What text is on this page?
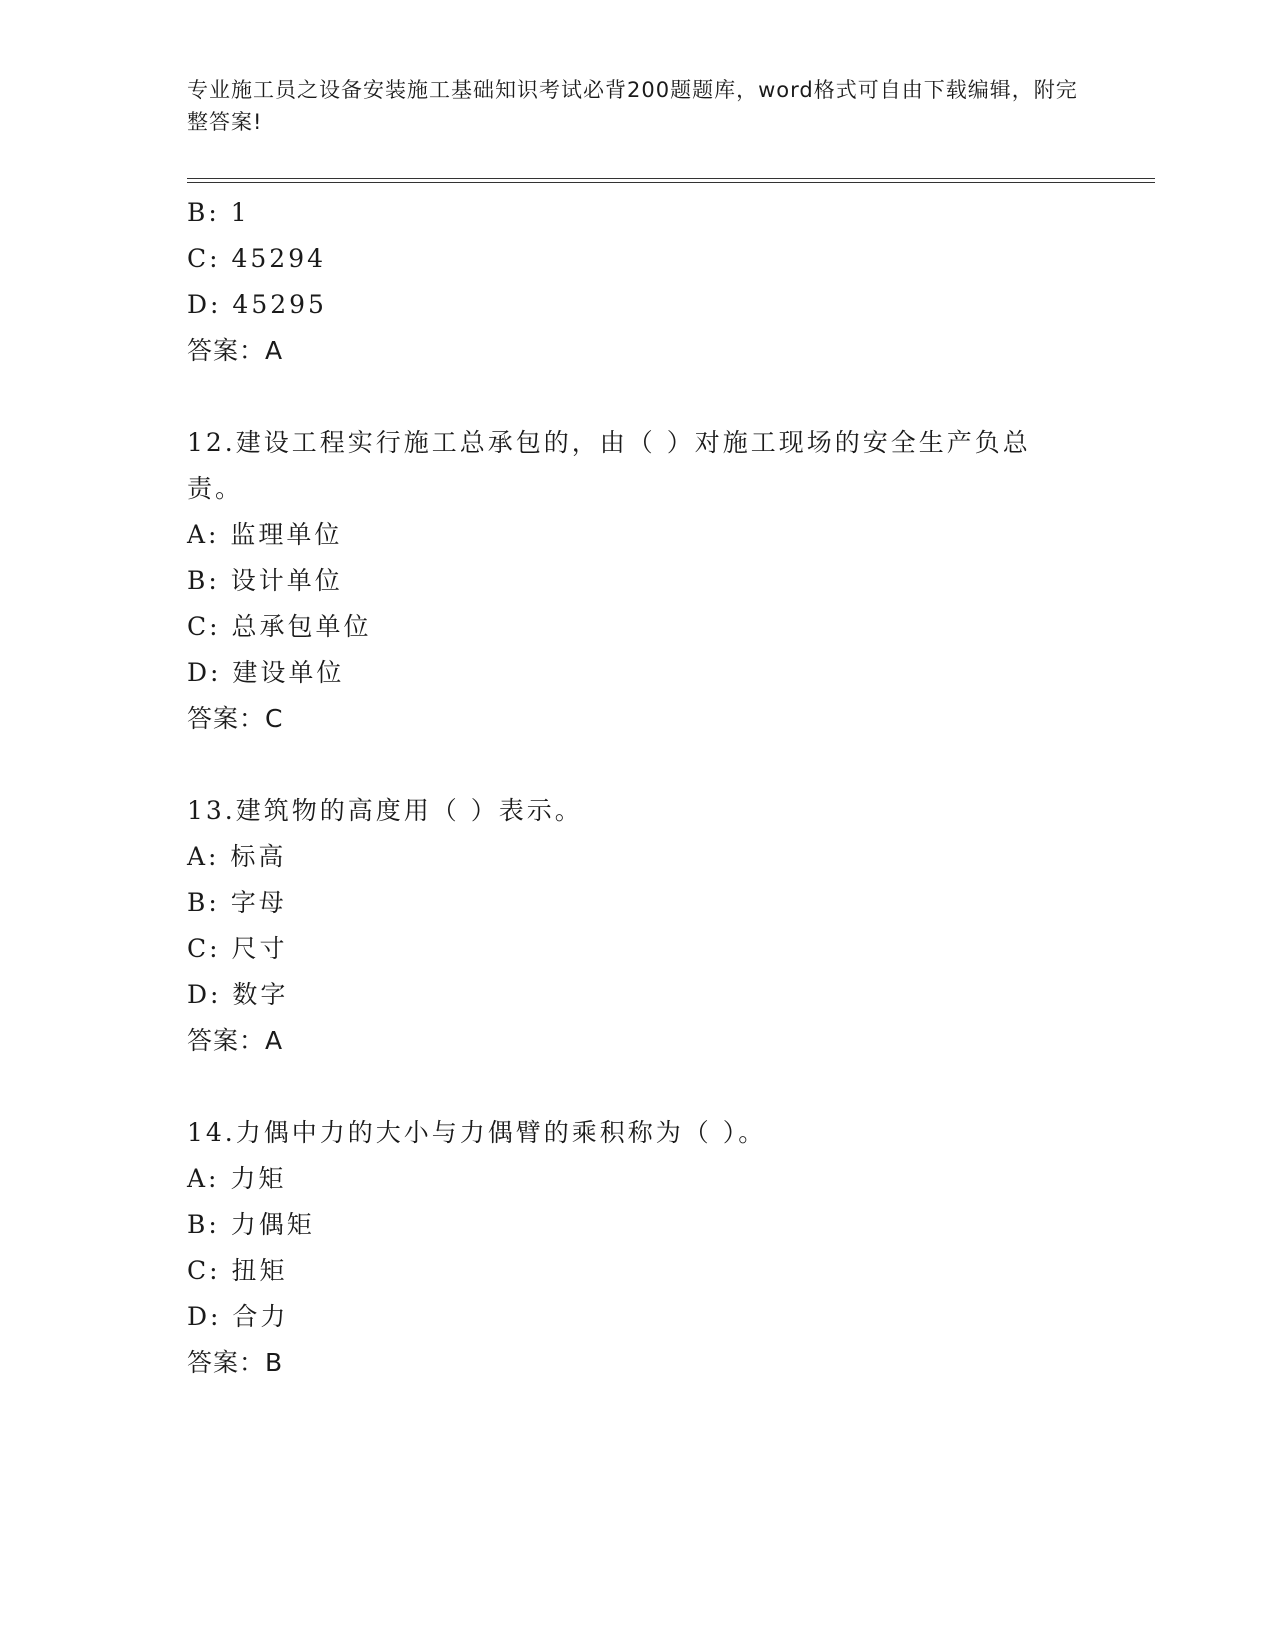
专业施工员之设备安装施工基础知识考试必背200题题库，word格式可自由下载编辑，附完整答案!
B: 1
C: 45294
D: 45295
答案：A
12.建设工程实行施工总承包的，由（ ）对施工现场的安全生产负总责。
A: 监理单位
B: 设计单位
C: 总承包单位
D: 建设单位
答案：C
13.建筑物的高度用（ ）表示。
A: 标高
B: 字母
C: 尺寸
D: 数字
答案：A
14.力偶中力的大小与力偶臂的乘积称为（ ）。
A: 力矩
B: 力偶矩
C: 扭矩
D: 合力
答案：B
